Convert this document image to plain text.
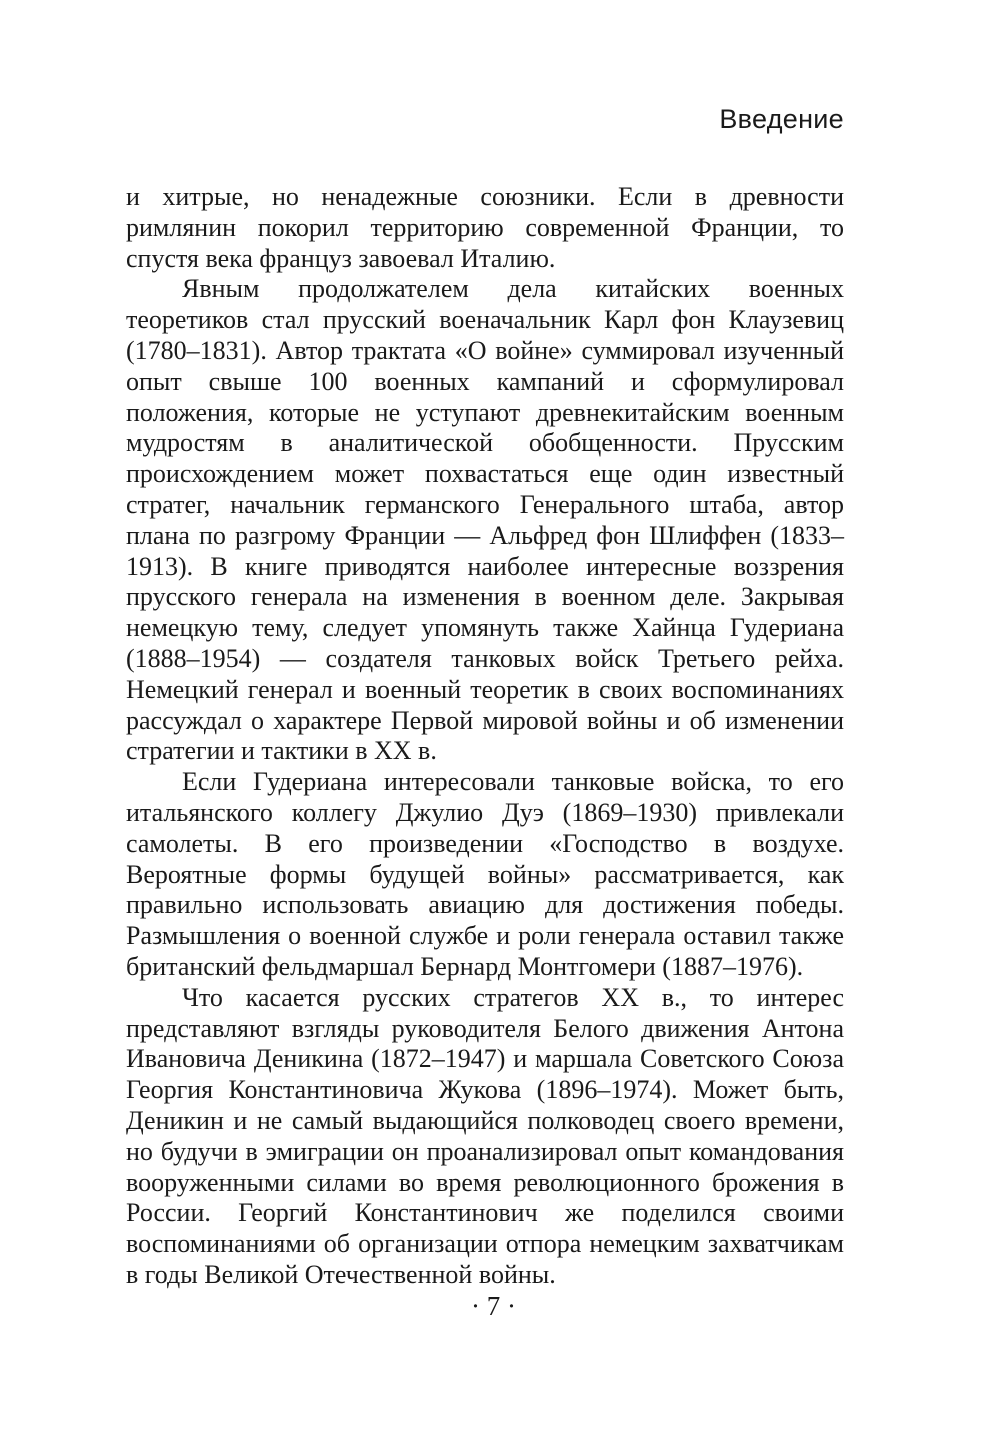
Введение

и хитрые, но ненадежные союзники. Если в древности римлянин покорил территорию современной Франции, то спустя века француз завоевал Италию.

Явным продолжателем дела китайских военных теоретиков стал прусский военачальник Карл фон Клаузевиц (1780–1831). Автор трактата «О войне» суммировал изученный опыт свыше 100 военных кампаний и сформулировал положения, которые не уступают древнекитайским военным мудростям в аналитической обобщенности. Прусским происхождением может похвастаться еще один известный стратег, начальник германского Генерального штаба, автор плана по разгрому Франции — Альфред фон Шлиффен (1833–1913). В книге приводятся наиболее интересные воззрения прусского генерала на изменения в военном деле. Закрывая немецкую тему, следует упомянуть также Хайнца Гудериана (1888–1954) — создателя танковых войск Третьего рейха. Немецкий генерал и военный теоретик в своих воспоминаниях рассуждал о характере Первой мировой войны и об изменении стратегии и тактики в XX в.

Если Гудериана интересовали танковые войска, то его итальянского коллегу Джулио Дуэ (1869–1930) привлекали самолеты. В его произведении «Господство в воздухе. Вероятные формы будущей войны» рассматривается, как правильно использовать авиацию для достижения победы. Размышления о военной службе и роли генерала оставил также британский фельдмаршал Бернард Монтгомери (1887–1976).

Что касается русских стратегов XX в., то интерес представляют взгляды руководителя Белого движения Антона Ивановича Деникина (1872–1947) и маршала Советского Союза Георгия Константиновича Жукова (1896–1974). Может быть, Деникин и не самый выдающийся полководец своего времени, но будучи в эмиграции он проанализировал опыт командования вооруженными силами во время революционного брожения в России. Георгий Константинович же поделился своими воспоминаниями об организации отпора немецким захватчикам в годы Великой Отечественной войны.

· 7 ·
